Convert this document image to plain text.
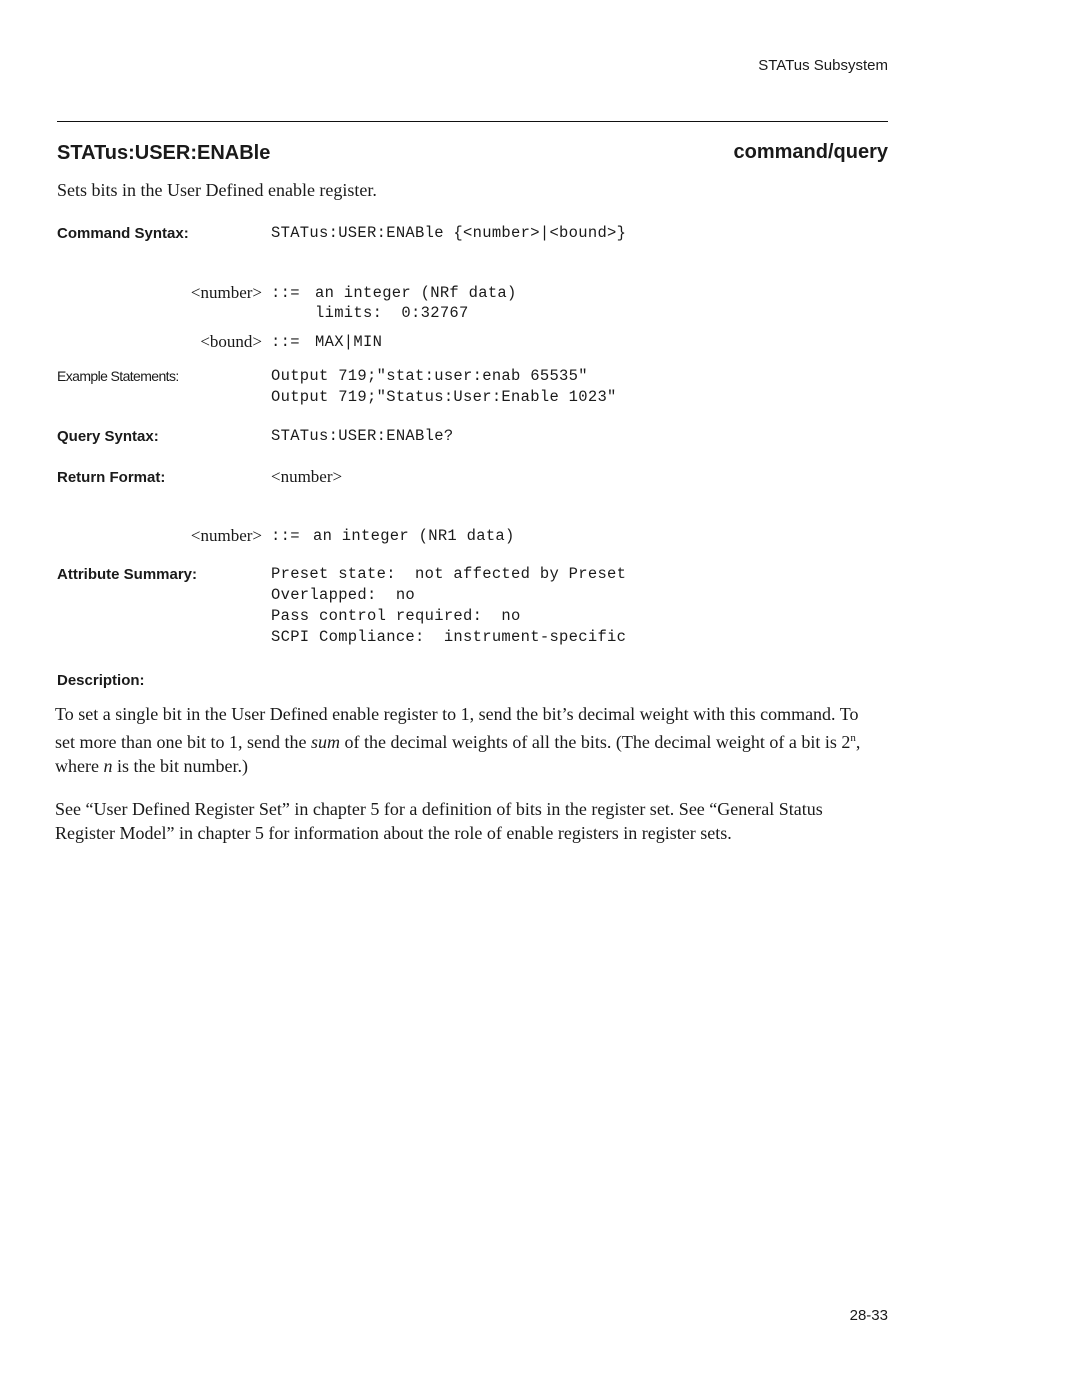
STATus Subsystem
STATus:USER:ENABle	command/query
Sets bits in the User Defined enable register.
Command Syntax:	STATus:USER:ENABle {<number>|<bound>}
<number> ::= an integer (NRf data)
limits:  0:32767
<bound> ::= MAX|MIN
Example Statements:	Output 719;"stat:user:enab 65535"
Output 719;"Status:User:Enable 1023"
Query Syntax:	STATus:USER:ENABle?
Return Format:	<number>
<number> ::= an integer (NR1 data)
Attribute Summary:	Preset state:  not affected by Preset
Overlapped:  no
Pass control required:  no
SCPI Compliance:  instrument-specific
Description:

To set a single bit in the User Defined enable register to 1, send the bit’s decimal weight with this command. To set more than one bit to 1, send the sum of the decimal weights of all the bits. (The decimal weight of a bit is 2$^n$, where n is the bit number.)

See “User Defined Register Set” in chapter 5 for a definition of bits in the register set. See “General Status Register Model” in chapter 5 for information about the role of enable registers in register sets.

28-33
